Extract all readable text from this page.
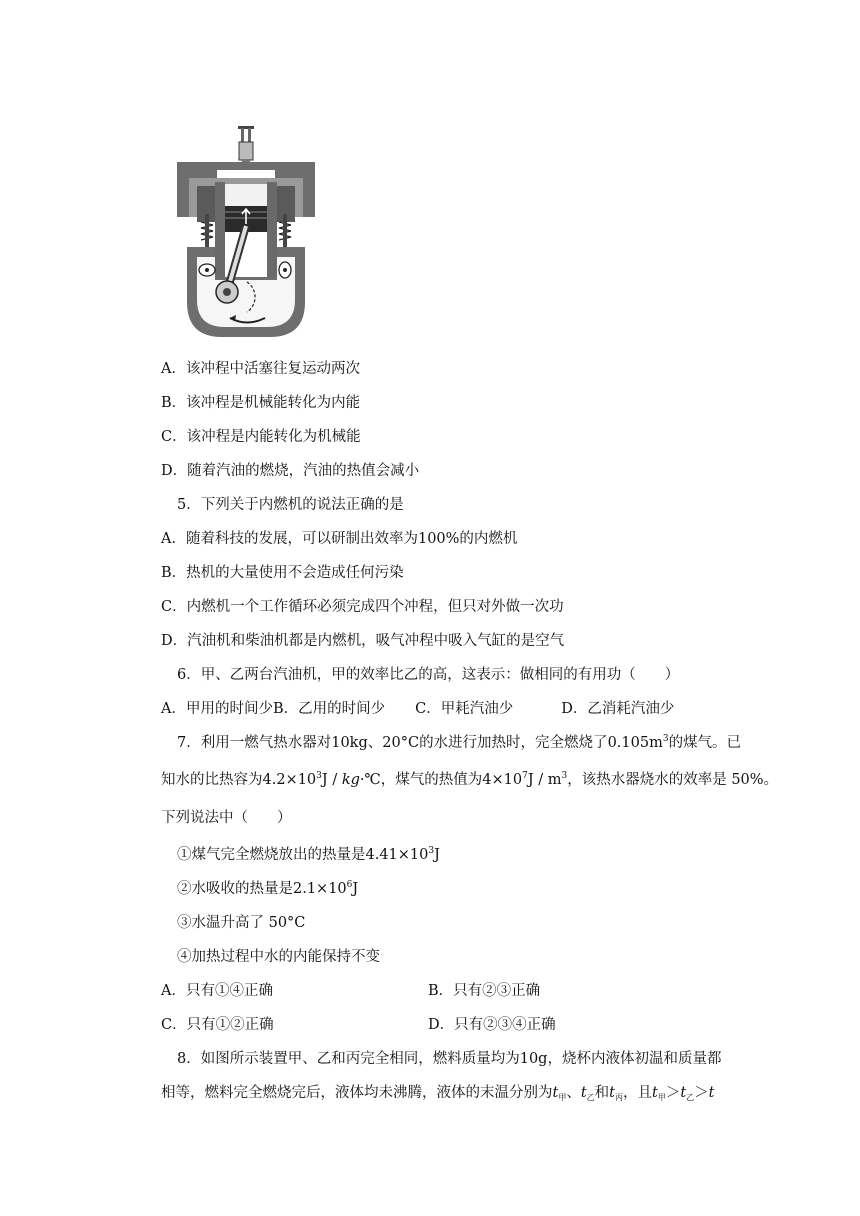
A．该冲程中活塞往复运动两次
B．该冲程是机械能转化为内能
C．该冲程是内能转化为机械能
D．随着汽油的燃烧，汽油的热值会减小
5．下列关于内燃机的说法正确的是
A．随着科技的发展，可以研制出效率为100%的内燃机
B．热机的大量使用不会造成任何污染
C．内燃机一个工作循环必须完成四个冲程，但只对外做一次功
D．汽油机和柴油机都是内燃机，吸气冲程中吸入气缸的是空气
6．甲、乙两台汽油机，甲的效率比乙的高，这表示：做相同的有用功（　　）
A．甲用的时间少B．乙用的时间少 C．甲耗汽油少	D．乙消耗汽油少
7．利用一燃气热水器对10kg、20°C的水进行加热时，完全燃烧了$0.105m^3$的煤气。已
知水的比热容为$4.2\times 10^3J$ / kg·℃，煤气的热值为$4\times 10^7J / m^3$，该热水器烧水的效率是 50%。
下列说法中（　　）
①煤气完全燃烧放出的热量是$4.41\times 10^3J$
②水吸收的热量是$2.1\times 10^6J$
③水温升高了 50°C
④加热过程中水的内能保持不变
A．只有①④正确	B．只有②③正确
C．只有①②正确	D．只有②③④正确
8．如图所示装置甲、乙和丙完全相同，燃料质量均为10g，烧杯内液体初温和质量都
相等，燃料完全燃烧完后，液体均未沸腾，液体的末温分别为$t_甲$、$t_乙$和$t_丙$，且$t_甲>t_乙>t$
